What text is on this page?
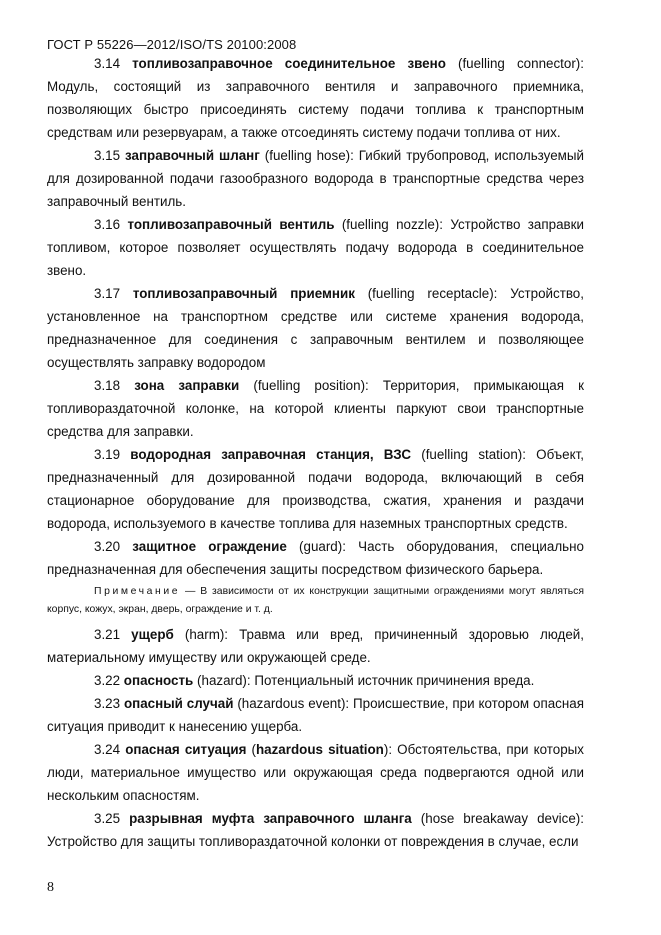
ГОСТ Р 55226—2012/ISO/TS 20100:2008

3.14 топливозаправочное соединительное звено (fuelling connector): Модуль, состоящий из заправочного вентиля и заправочного приемника, позволяющих быстро присоединять систему подачи топлива к транспортным средствам или резервуарам, а также отсоединять систему подачи топлива от них.

3.15 заправочный шланг (fuelling hose): Гибкий трубопровод, используемый для дозированной подачи газообразного водорода в транспортные средства через заправочный вентиль.

3.16 топливозаправочный вентиль (fuelling nozzle): Устройство заправки топливом, которое позволяет осуществлять подачу водорода в соединительное звено.

3.17 топливозаправочный приемник (fuelling receptacle): Устройство, установленное на транспортном средстве или системе хранения водорода, предназначенное для соединения с заправочным вентилем и позволяющее осуществлять заправку водородом

3.18 зона заправки (fuelling position): Территория, примыкающая к топливораздаточной колонке, на которой клиенты паркуют свои транспортные средства для заправки.

3.19 водородная заправочная станция, ВЗС (fuelling station): Объект, предназначенный для дозированной подачи водорода, включающий в себя стационарное оборудование для производства, сжатия, хранения и раздачи водорода, используемого в качестве топлива для наземных транспортных средств.

3.20 защитное ограждение (guard): Часть оборудования, специально предназначенная для обеспечения защиты посредством физического барьера.

Примечание — В зависимости от их конструкции защитными ограждениями могут являться корпус, кожух, экран, дверь, ограждение и т. д.

3.21 ущерб (harm): Травма или вред, причиненный здоровью людей, материальному имуществу или окружающей среде.

3.22 опасность (hazard): Потенциальный источник причинения вреда.

3.23 опасный случай (hazardous event): Происшествие, при котором опасная ситуация приводит к нанесению ущерба.

3.24 опасная ситуация (hazardous situation): Обстоятельства, при которых люди, материальное имущество или окружающая среда подвергаются одной или нескольким опасностям.

3.25 разрывная муфта заправочного шланга (hose breakaway device): Устройство для защиты топливораздаточной колонки от повреждения в случае, если

8
